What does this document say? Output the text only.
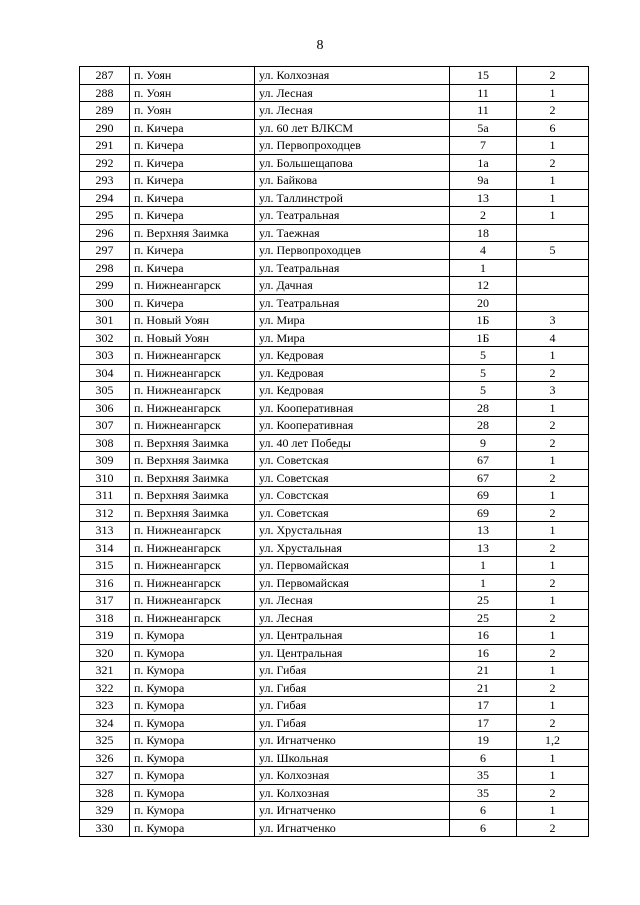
8
287	п. Уоян	ул. Колхозная	15	2
288	п. Уоян	ул. Лесная	11	1
289	п. Уоян	ул. Лесная	11	2
290	п. Кичера	ул. 60 лет ВЛКСМ	5а	6
291	п. Кичера	ул. Первопроходцев	7	1
292	п. Кичера	ул. Большещапова	1а	2
293	п. Кичера	ул. Байкова	9а	1
294	п. Кичера	ул. Таллинстрой	13	1
295	п. Кичера	ул. Театральная	2	1
296	п. Верхняя Заимка	ул. Таежная	18	
297	п. Кичера	ул. Первопроходцев	4	5
298	п. Кичера	ул. Театральная	1	
299	п. Нижнеангарск	ул. Дачная	12	
300	п. Кичера	ул. Театральная	20	
301	п. Новый Уоян	ул. Мира	1Б	3
302	п. Новый Уоян	ул. Мира	1Б	4
303	п. Нижнеангарск	ул. Кедровая	5	1
304	п. Нижнеангарск	ул. Кедровая	5	2
305	п. Нижнеангарск	ул. Кедровая	5	3
306	п. Нижнеангарск	ул. Кооперативная	28	1
307	п. Нижнеангарск	ул. Кооперативная	28	2
308	п. Верхняя Заимка	ул. 40 лет Победы	9	2
309	п. Верхняя Заимка	ул. Советская	67	1
310	п. Верхняя Заимка	ул. Советская	67	2
311	п. Верхняя Заимка	ул. Совстская	69	1
312	п. Верхняя Заимка	ул. Советская	69	2
313	п. Нижнеангарск	ул. Хрустальная	13	1
314	п. Нижнеангарск	ул. Хрустальная	13	2
315	п. Нижнеангарск	ул. Первомайская	1	1
316	п. Нижнеангарск	ул. Первомайская	1	2
317	п. Нижнеангарск	ул. Лесная	25	1
318	п. Нижнеангарск	ул. Лесная	25	2
319	п. Кумора	ул. Центральная	16	1
320	п. Кумора	ул. Центральная	16	2
321	п. Кумора	ул. Гибая	21	1
322	п. Кумора	ул. Гибая	21	2
323	п. Кумора	ул. Гибая	17	1
324	п. Кумора	ул. Гибая	17	2
325	п. Кумора	ул. Игнатченко	19	1,2
326	п. Кумора	ул. Школьная	6	1
327	п. Кумора	ул. Колхозная	35	1
328	п. Кумора	ул. Колхозная	35	2
329	п. Кумора	ул. Игнатченко	6	1
330	п. Кумора	ул. Игнатченко	6	2
